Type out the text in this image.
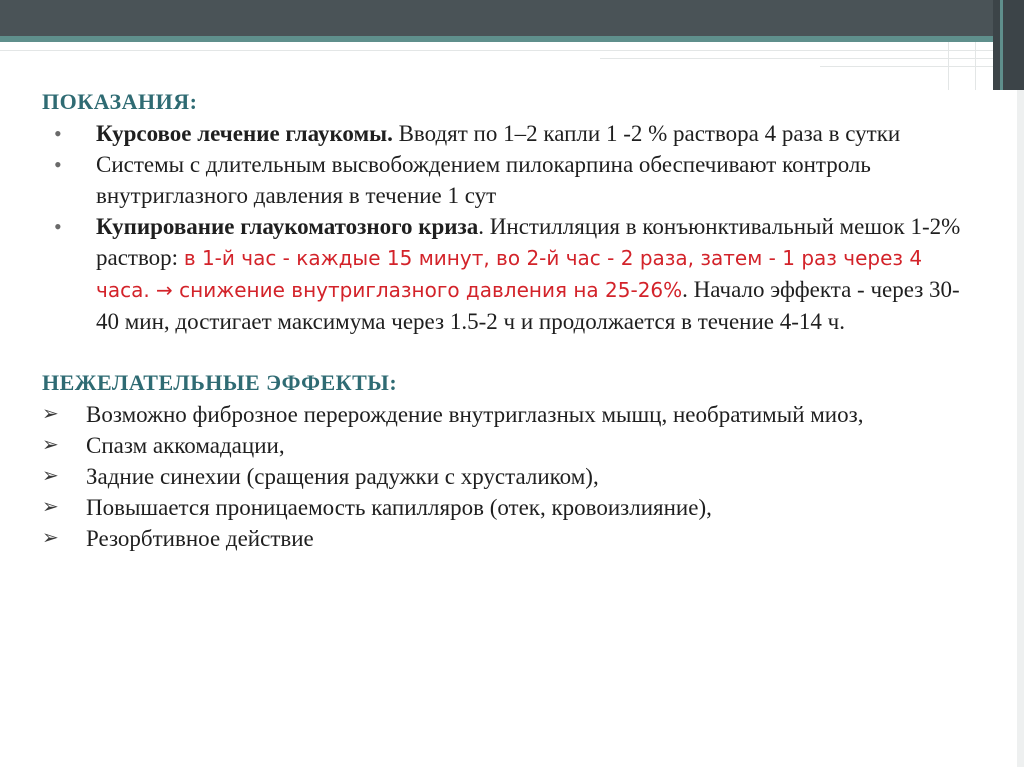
ПОКАЗАНИЯ:
• Курсовое лечение глаукомы. Вводят по 1–2 капли 1 -2 % раствора 4 раза в сутки
• Системы с длительным высвобождением пилокарпина обеспечивают контроль внутриглазного давления в течение 1 сут
• Купирование глаукоматозного криза. Инстилляция в конъюнктивальный мешок 1-2% раствор: в 1-й час - каждые 15 минут, во 2-й час - 2 раза, затем - 1 раз через 4 часа. → снижение внутриглазного давления на 25-26%. Начало эффекта - через 30-40 мин, достигает максимума через 1.5-2 ч и продолжается в течение 4-14 ч.
НЕЖЕЛАТЕЛЬНЫЕ ЭФФЕКТЫ:
➢ Возможно фиброзное перерождение внутриглазных мышц, необратимый миоз,
➢ Спазм аккомадации,
➢ Задние синехии (сращения радужки с хрусталиком),
➢ Повышается проницаемость капилляров (отек, кровоизлияние),
➢ Резорбтивное действие
